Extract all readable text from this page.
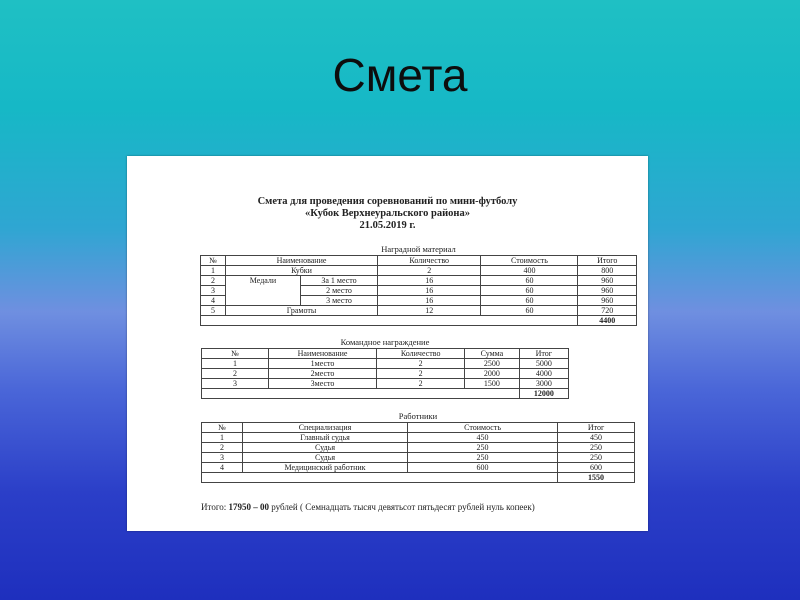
Смета
Смета для проведения соревнований по мини-футболу
«Кубок Верхнеуральского района»
21.05.2019 г.
Наградной материал
№	Наименование		Количество	Стоимость	Итого
1	Кубки		2	400	800
2	Медали	За 1 место	16	60	960
3		2 место	16	60	960
4		3 место	16	60	960
5	Грамоты		12	60	720
					4400
Командное награждение
№	Наименование	Количество	Сумма	Итог
1	1место	2	2500	5000
2	2место	2	2000	4000
3	3место	2	1500	3000
				12000
Работники
№	Специализация	Стоимость	Итог
1	Главный судья	450	450
2	Судья	250	250
3	Судья	250	250
4	Медицинский работник	600	600
			1550
Итого: 17950 – 00 рублей ( Семнадцать тысяч девятьсот пятьдесят рублей нуль копеек)
